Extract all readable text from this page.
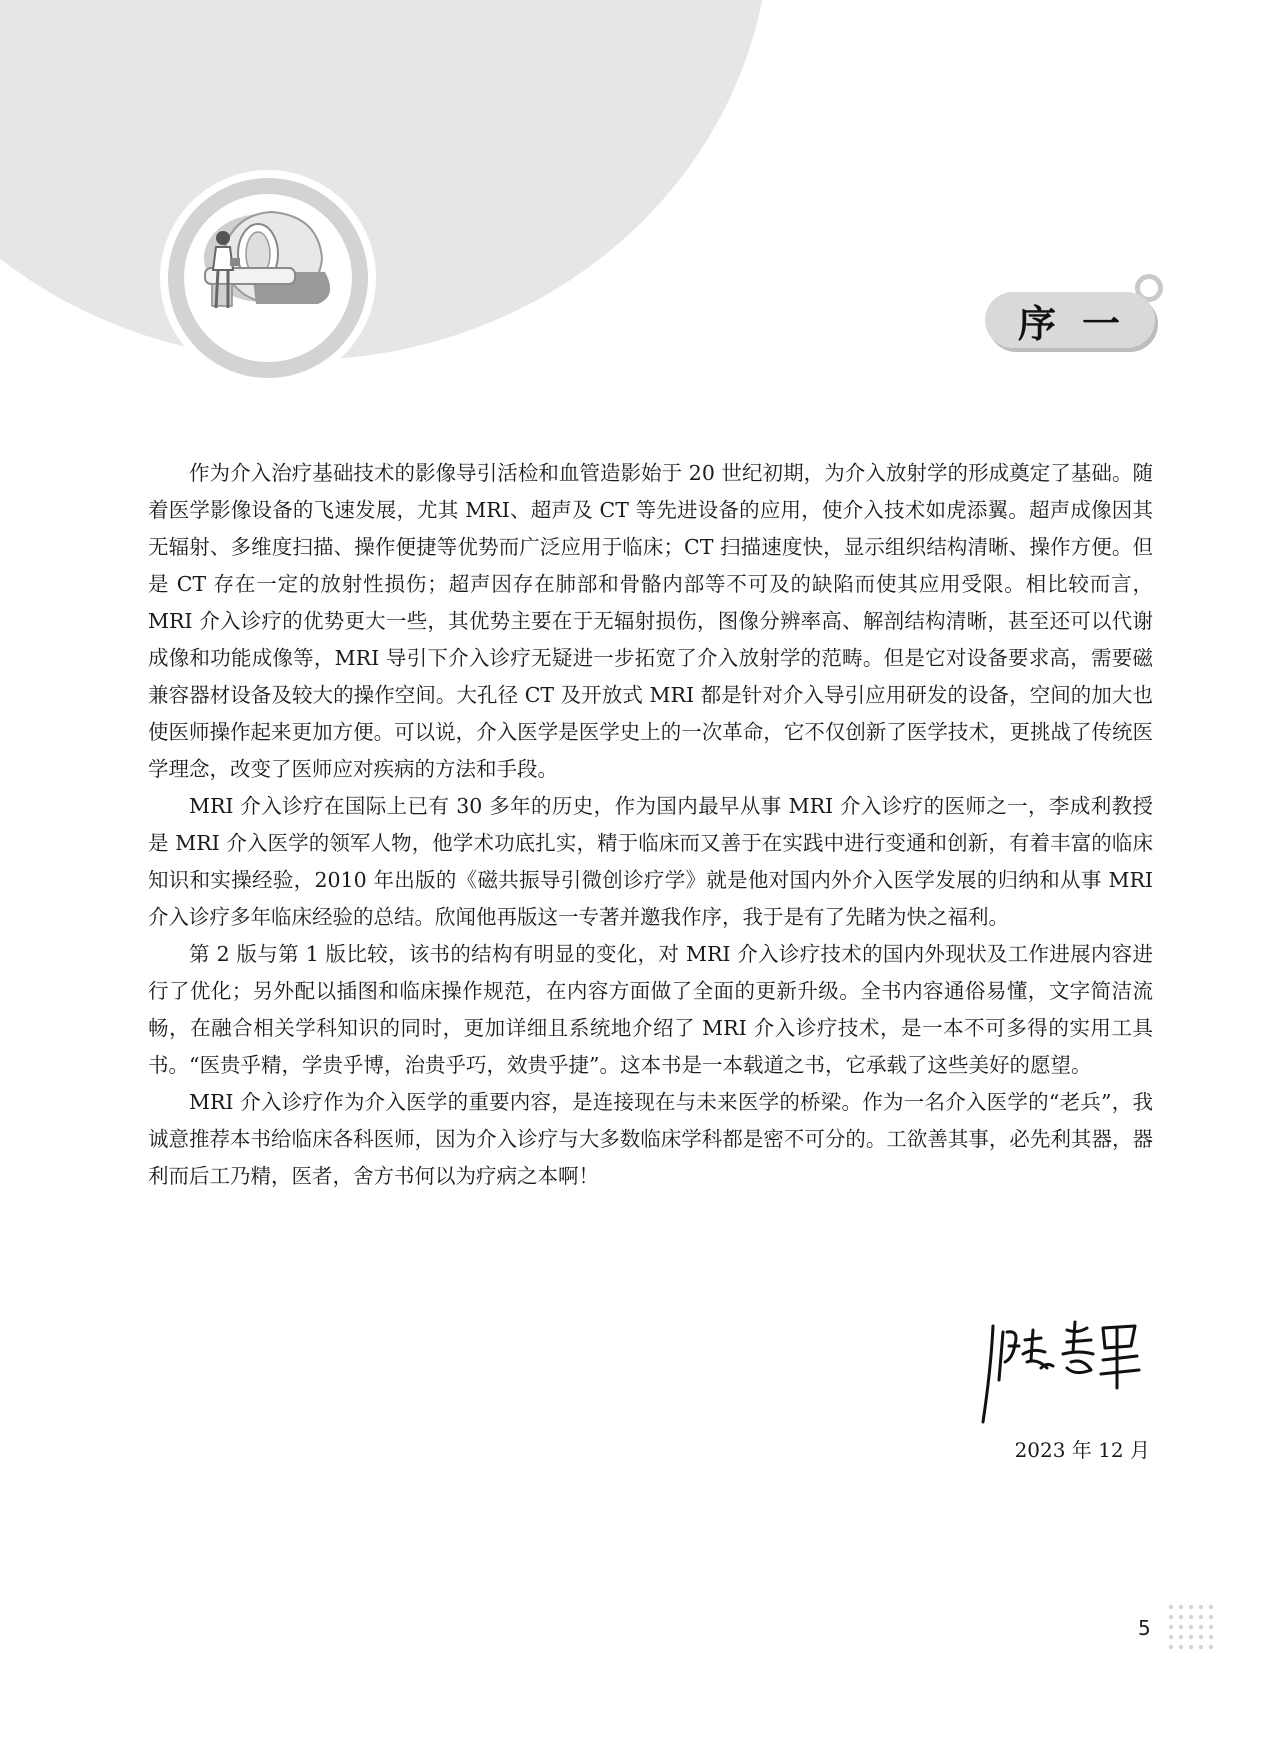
序一

作为介入治疗基础技术的影像导引活检和血管造影始于 20 世纪初期，为介入放射学的形成奠定了基础。随着医学影像设备的飞速发展，尤其 MRI、超声及 CT 等先进设备的应用，使介入技术如虎添翼。超声成像因其无辐射、多维度扫描、操作便捷等优势而广泛应用于临床；CT 扫描速度快，显示组织结构清晰、操作方便。但是 CT 存在一定的放射性损伤；超声因存在肺部和骨骼内部等不可及的缺陷而使其应用受限。相比较而言，MRI 介入诊疗的优势更大一些，其优势主要在于无辐射损伤，图像分辨率高、解剖结构清晰，甚至还可以代谢成像和功能成像等，MRI 导引下介入诊疗无疑进一步拓宽了介入放射学的范畴。但是它对设备要求高，需要磁兼容器材设备及较大的操作空间。大孔径 CT 及开放式 MRI 都是针对介入导引应用研发的设备，空间的加大也使医师操作起来更加方便。可以说，介入医学是医学史上的一次革命，它不仅创新了医学技术，更挑战了传统医学理念，改变了医师应对疾病的方法和手段。

MRI 介入诊疗在国际上已有 30 多年的历史，作为国内最早从事 MRI 介入诊疗的医师之一，李成利教授是 MRI 介入医学的领军人物，他学术功底扎实，精于临床而又善于在实践中进行变通和创新，有着丰富的临床知识和实操经验，2010 年出版的《磁共振导引微创诊疗学》就是他对国内外介入医学发展的归纳和从事 MRI 介入诊疗多年临床经验的总结。欣闻他再版这一专著并邀我作序，我于是有了先睹为快之福利。

第 2 版与第 1 版比较，该书的结构有明显的变化，对 MRI 介入诊疗技术的国内外现状及工作进展内容进行了优化；另外配以插图和临床操作规范，在内容方面做了全面的更新升级。全书内容通俗易懂，文字简洁流畅，在融合相关学科知识的同时，更加详细且系统地介绍了 MRI 介入诊疗技术，是一本不可多得的实用工具书。“医贵乎精，学贵乎博，治贵乎巧，效贵乎捷”。这本书是一本载道之书，它承载了这些美好的愿望。

MRI 介入诊疗作为介入医学的重要内容，是连接现在与未来医学的桥梁。作为一名介入医学的“老兵”，我诚意推荐本书给临床各科医师，因为介入诊疗与大多数临床学科都是密不可分的。工欲善其事，必先利其器，器利而后工乃精，医者，舍方书何以为疗病之本啊！

2023 年 12 月
5
